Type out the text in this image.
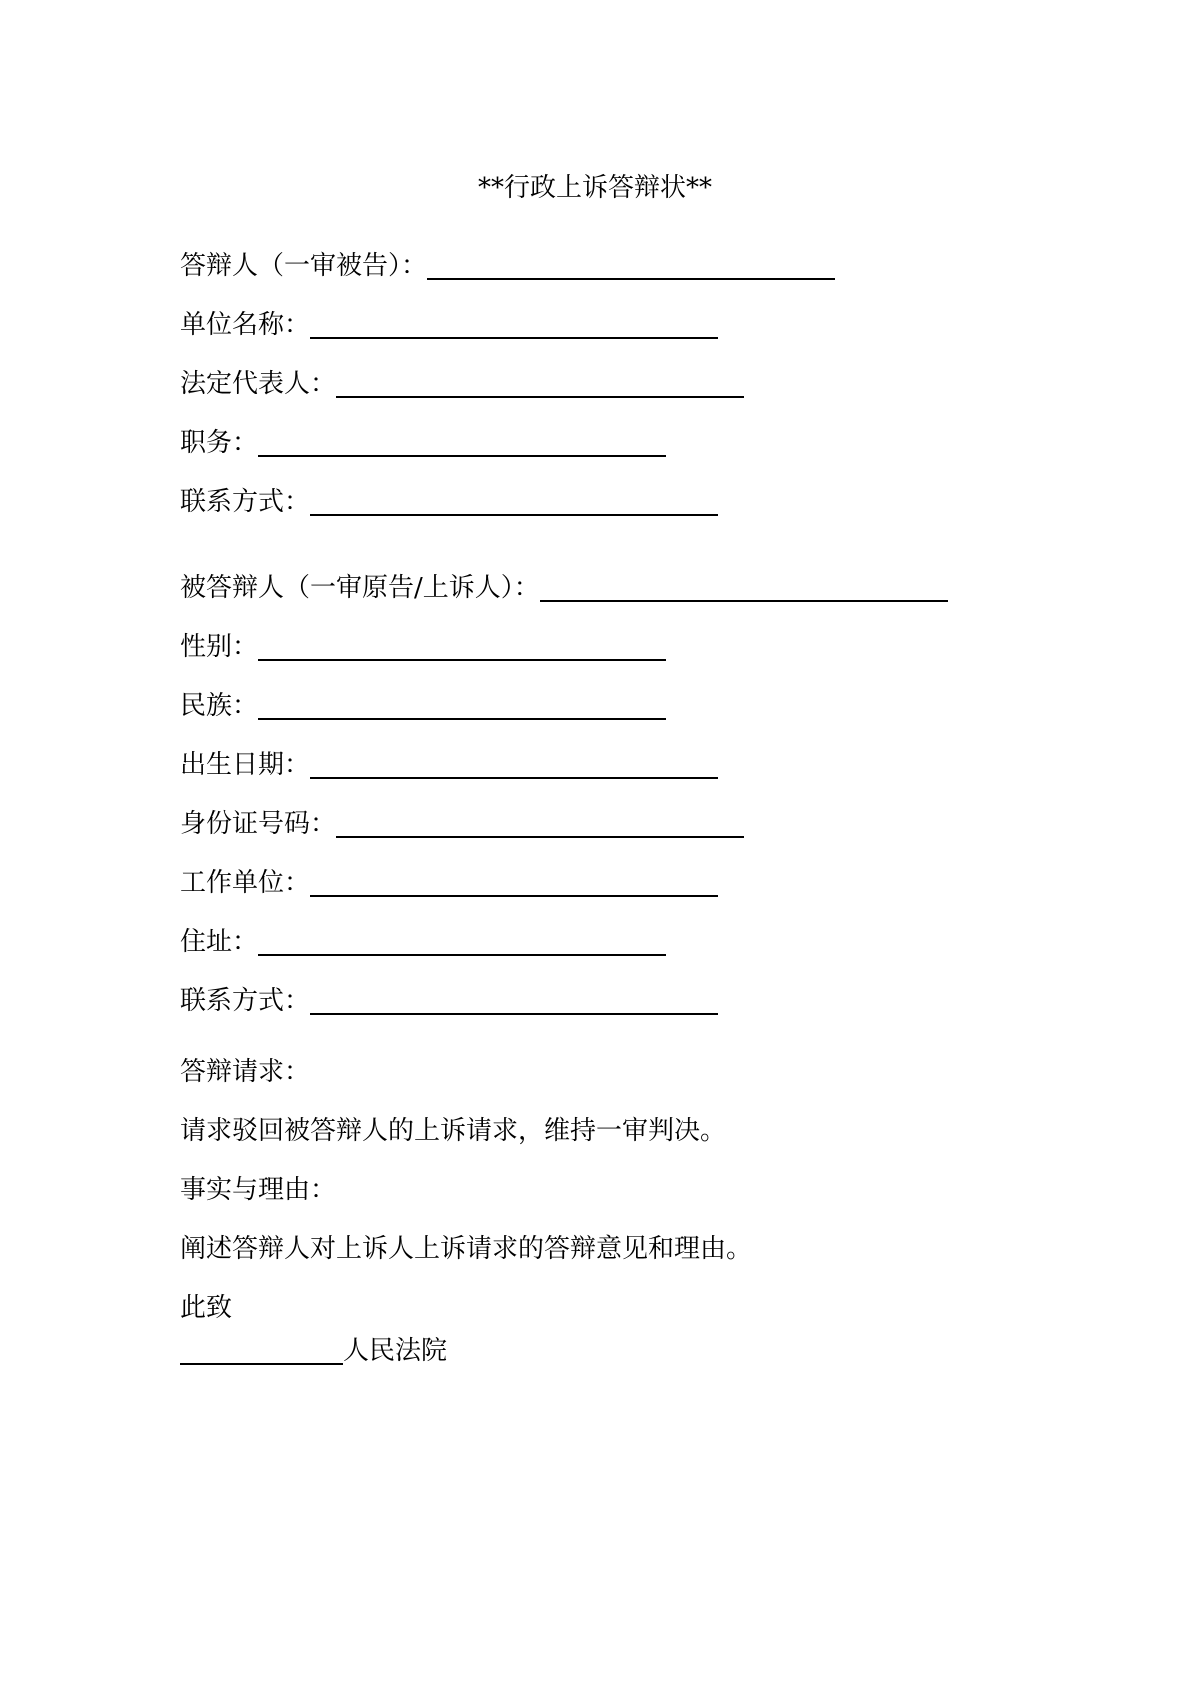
**行政上诉答辩状**
答辩人（一审被告）：
单位名称：
法定代表人：
职务：
联系方式：
被答辩人（一审原告/上诉人）：
性别：
民族：
出生日期：
身份证号码：
工作单位：
住址：
联系方式：
答辩请求：
请求驳回被答辩人的上诉请求，维持一审判决。
事实与理由：
阐述答辩人对上诉人上诉请求的答辩意见和理由。
此致
人民法院
